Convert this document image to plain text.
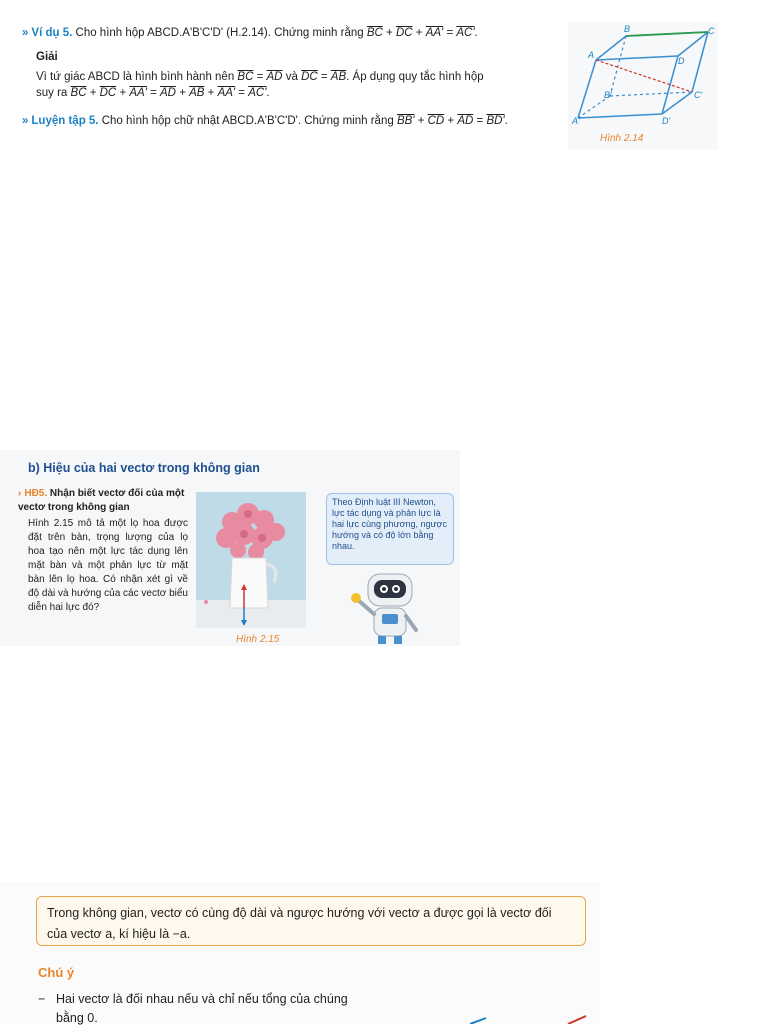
» Ví dụ 5. Cho hình hộp ABCD.A'B'C'D' (H.2.14). Chứng minh rằng $\overline{BC} + \overline{DC} + AA' = AC'$.
Giải
Vì tứ giác ABCD là hình bình hành nên $\overline{BC} = \overline{AD}$ và $\overline{DC} = \overline{AB}$. Áp dụng quy tắc hình hộp
suy ra $\overline{BC} + \overline{DC} + AA' = \overline{AD} + \overline{AB} + AA' = AC'$.
» Luyện tập 5. Cho hình hộp chữ nhật ABCD.A'B'C'D'. Chứng minh rằng $BB' + \overline{CD} + \overline{AD} = BD'$.
B	C
A
D
B'	C'
A'	D'
Hình 2.14
b) Hiệu của hai vectơ trong không gian
› HĐ5. Nhận biết vectơ đối của một vectơ trong không gian
Hình 2.15 mô tả một lọ hoa được đặt trên bàn, trọng lượng của lọ hoa tạo nên một lực tác dụng lên mặt bàn và một phản lực từ mặt bàn lên lọ hoa. Có nhận xét gì về độ dài và hướng của các vectơ biểu diễn hai lực đó?
Hình 2.15
Theo Định luật III Newton, lực tác dụng và phản lực là hai lực cùng phương, ngược hướng và có độ lớn bằng nhau.
Trong không gian, vectơ có cùng độ dài và ngược hướng với vectơ a được gọi là vectơ đối
của vectơ a, kí hiệu là −a.
Chú ý
− Hai vectơ là đối nhau nếu và chỉ nếu tổng của chúng
bằng 0.
